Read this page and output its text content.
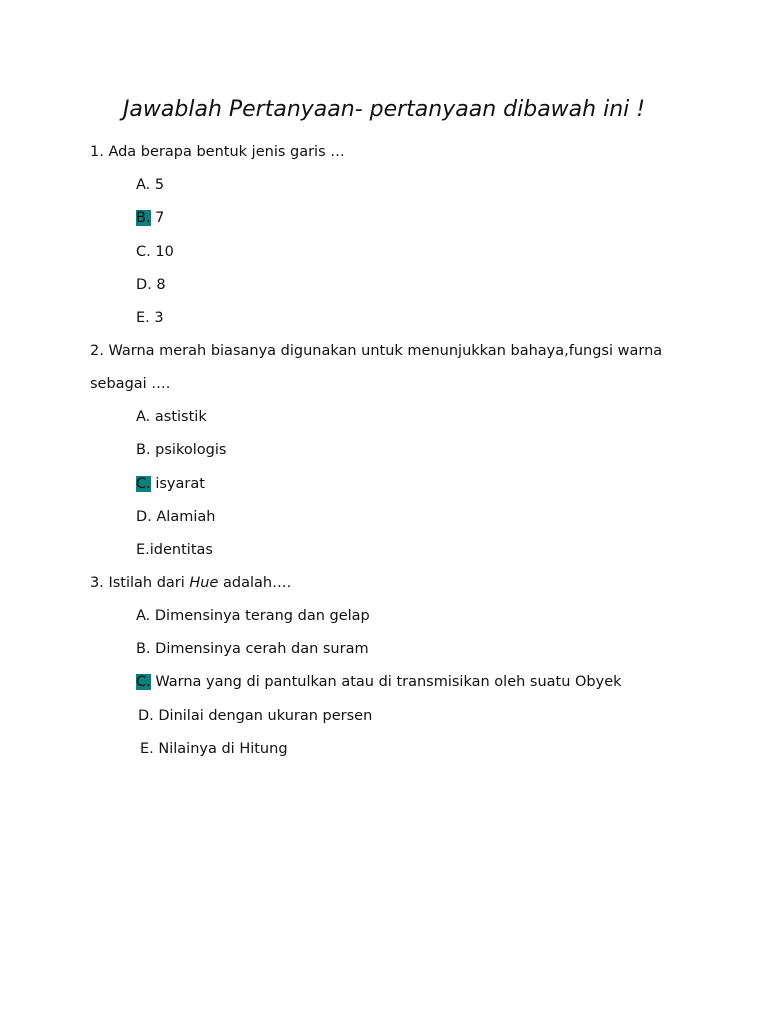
Jawablah Pertanyaan- pertanyaan dibawah ini !
1. Ada berapa bentuk jenis garis …
A. 5
B. 7
C. 10
D. 8
E. 3
2. Warna merah biasanya digunakan untuk menunjukkan bahaya,fungsi warna
sebagai ….
A. astistik
B. psikologis
C. isyarat
D. Alamiah
E.identitas
3. Istilah dari Hue adalah….
A. Dimensinya terang dan gelap
B. Dimensinya cerah dan suram
C. Warna yang di pantulkan atau di transmisikan oleh suatu Obyek
D. Dinilai dengan ukuran persen
E. Nilainya di Hitung
